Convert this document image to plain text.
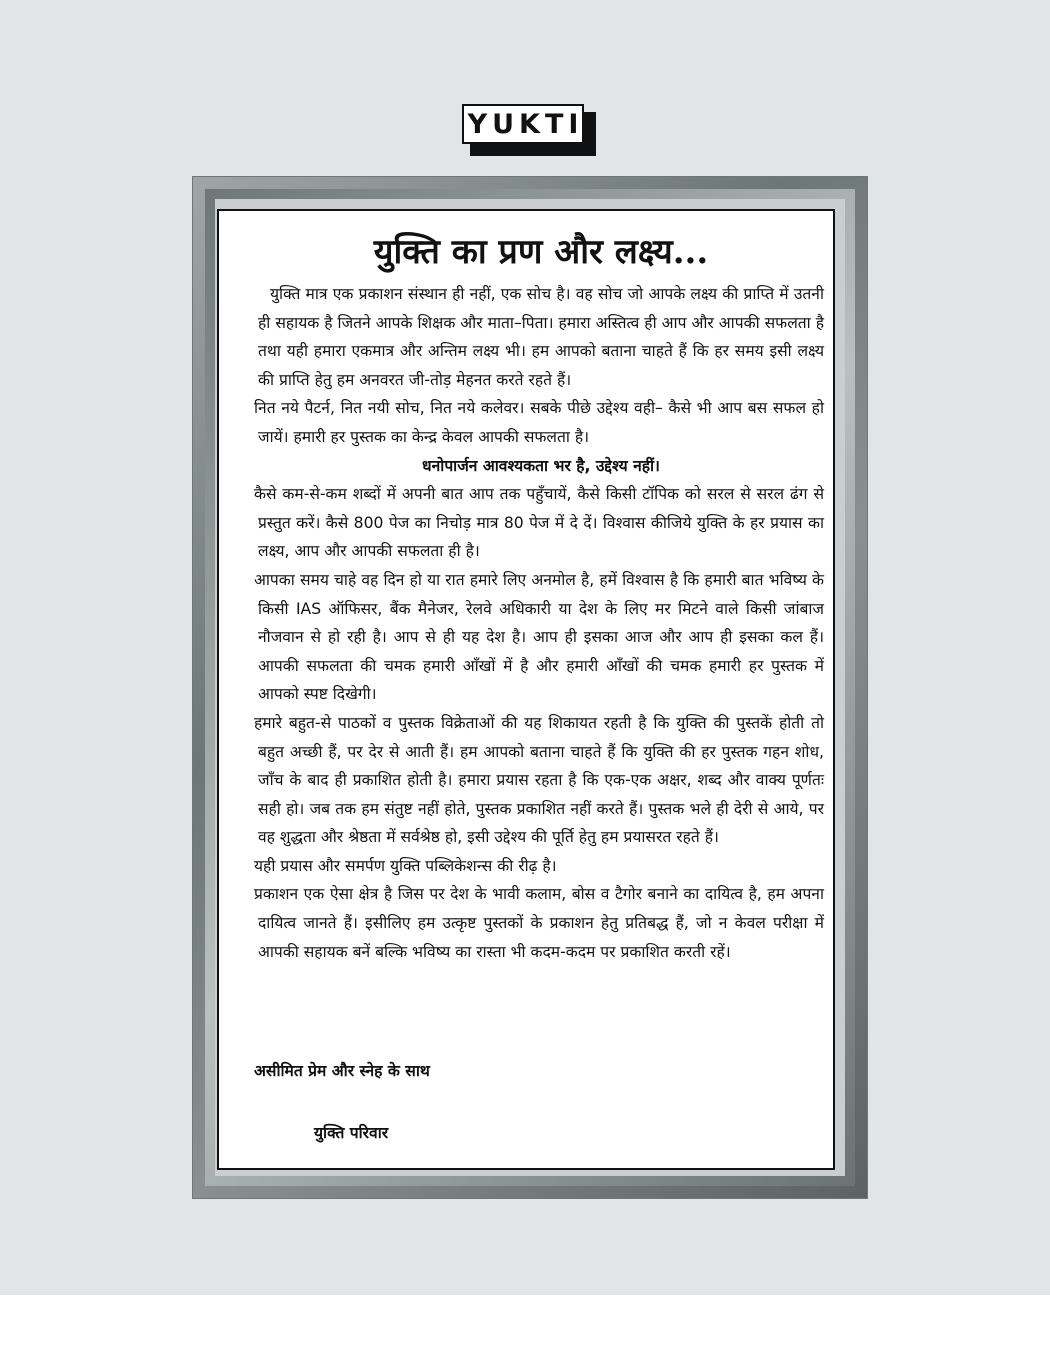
YUKTI
युक्ति का प्रण और लक्ष्य...

युक्ति मात्र एक प्रकाशन संस्थान ही नहीं, एक सोच है। वह सोच जो आपके लक्ष्य की प्राप्ति में उतनी ही सहायक है जितने आपके शिक्षक और माता–पिता। हमारा अस्तित्व ही आप और आपकी सफलता है तथा यही हमारा एकमात्र और अन्तिम लक्ष्य भी। हम आपको बताना चाहते हैं कि हर समय इसी लक्ष्य की प्राप्ति हेतु हम अनवरत जी-तोड़ मेहनत करते रहते हैं।

नित नये पैटर्न, नित नयी सोच, नित नये कलेवर। सबके पीछे उद्देश्य वही– कैसे भी आप बस सफल हो जायें। हमारी हर पुस्तक का केन्द्र केवल आपकी सफलता है।

धनोपार्जन आवश्यकता भर है, उद्देश्य नहीं।

कैसे कम-से-कम शब्दों में अपनी बात आप तक पहुँचायें, कैसे किसी टॉपिक को सरल से सरल ढंग से प्रस्तुत करें। कैसे 800 पेज का निचोड़ मात्र 80 पेज में दे दें। विश्वास कीजिये युक्ति के हर प्रयास का लक्ष्य, आप और आपकी सफलता ही है।

आपका समय चाहे वह दिन हो या रात हमारे लिए अनमोल है, हमें विश्वास है कि हमारी बात भविष्य के किसी IAS ऑफिसर, बैंक मैनेजर, रेलवे अधिकारी या देश के लिए मर मिटने वाले किसी जांबाज नौजवान से हो रही है। आप से ही यह देश है। आप ही इसका आज और आप ही इसका कल हैं। आपकी सफलता की चमक हमारी आँखों में है और हमारी आँखों की चमक हमारी हर पुस्तक में आपको स्पष्ट दिखेगी।

हमारे बहुत-से पाठकों व पुस्तक विक्रेताओं की यह शिकायत रहती है कि युक्ति की पुस्तकें होती तो बहुत अच्छी हैं, पर देर से आती हैं। हम आपको बताना चाहते हैं कि युक्ति की हर पुस्तक गहन शोध, जाँच के बाद ही प्रकाशित होती है। हमारा प्रयास रहता है कि एक-एक अक्षर, शब्द और वाक्य पूर्णतः सही हो। जब तक हम संतुष्ट नहीं होते, पुस्तक प्रकाशित नहीं करते हैं। पुस्तक भले ही देरी से आये, पर वह शुद्धता और श्रेष्ठता में सर्वश्रेष्ठ हो, इसी उद्देश्य की पूर्ति हेतु हम प्रयासरत रहते हैं।

यही प्रयास और समर्पण युक्ति पब्लिकेशन्स की रीढ़ है।

प्रकाशन एक ऐसा क्षेत्र है जिस पर देश के भावी कलाम, बोस व टैगोर बनाने का दायित्व है, हम अपना दायित्व जानते हैं। इसीलिए हम उत्कृष्ट पुस्तकों के प्रकाशन हेतु प्रतिबद्ध हैं, जो न केवल परीक्षा में आपकी सहायक बनें बल्कि भविष्य का रास्ता भी कदम-कदम पर प्रकाशित करती रहें।

असीमित प्रेम और स्नेह के साथ
युक्ति परिवार
